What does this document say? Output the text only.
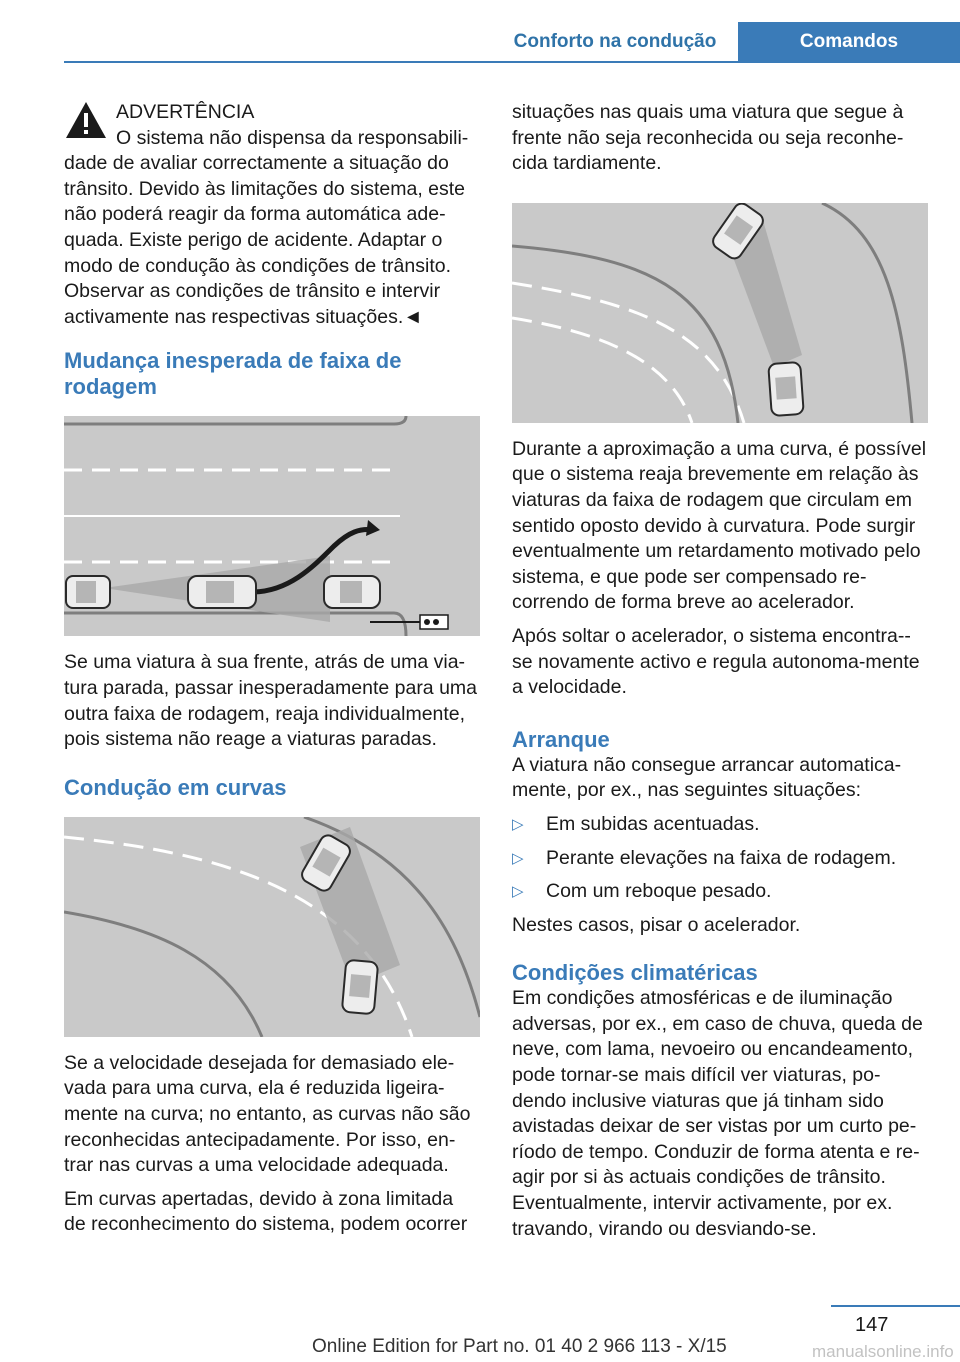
Conforto na condução	Comandos

ADVERTÊNCIA

O sistema não dispensa da responsabili-

dade de avaliar correctamente a situação do trânsito. Devido às limitações do sistema, este não poderá reagir da forma automática ade-quada. Existe perigo de acidente. Adaptar o modo de condução às condições de trânsito. Observar as condições de trânsito e intervir activamente nas respectivas situações.◄

Mudança inesperada de faixa de rodagem

Se uma viatura à sua frente, atrás de uma via-tura parada, passar inesperadamente para uma outra faixa de rodagem, reaja individualmente, pois sistema não reage a viaturas paradas.

Condução em curvas

Se a velocidade desejada for demasiado ele-vada para uma curva, ela é reduzida ligeira-mente na curva; no entanto, as curvas não são reconhecidas antecipadamente. Por isso, en-trar nas curvas a uma velocidade adequada.

Em curvas apertadas, devido à zona limitada de reconhecimento do sistema, podem ocorrer

situações nas quais uma viatura que segue à frente não seja reconhecida ou seja reconhe-cida tardiamente.

Durante a aproximação a uma curva, é possível que o sistema reaja brevemente em relação às viaturas da faixa de rodagem que circulam em sentido oposto devido à curvatura. Pode surgir eventualmente um retardamento motivado pelo sistema, e que pode ser compensado re-correndo de forma breve ao acelerador.

Após soltar o acelerador, o sistema encontra--se novamente activo e regula autonoma-mente a velocidade.

Arranque

A viatura não consegue arrancar automatica-mente, por ex., nas seguintes situações:

▷	Em subidas acentuadas.
▷	Perante elevações na faixa de rodagem.
▷	Com um reboque pesado.

Nestes casos, pisar o acelerador.

Condições climatéricas

Em condições atmosféricas e de iluminação adversas, por ex., em caso de chuva, queda de neve, com lama, nevoeiro ou encandeamento, pode tornar-se mais difícil ver viaturas, po-dendo inclusive viaturas que já tinham sido avistadas deixar de ser vistas por um curto pe-ríodo de tempo. Conduzir de forma atenta e re-agir por si às actuais condições de trânsito. Eventualmente, intervir activamente, por ex. travando, virando ou desviando-se.

147
Online Edition for Part no. 01 40 2 966 113 - X/15	manualsonline.info
